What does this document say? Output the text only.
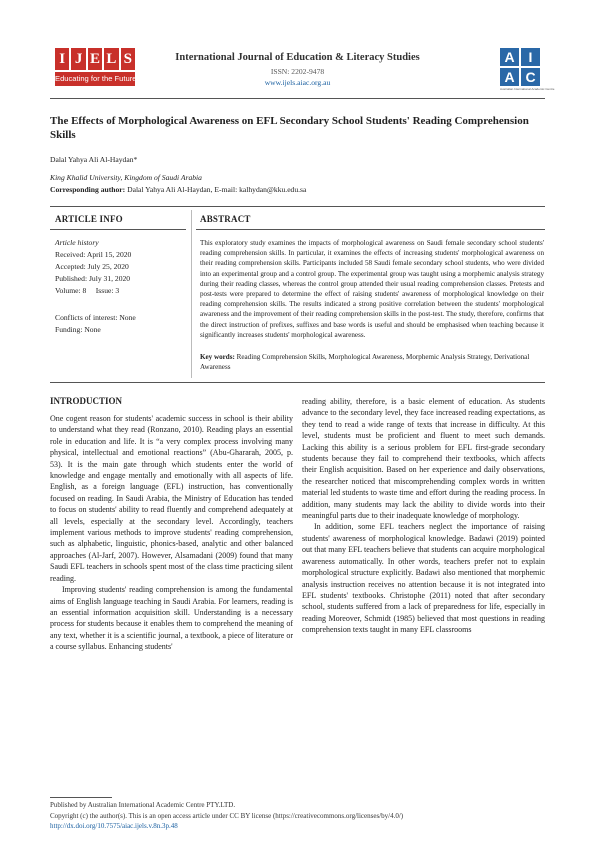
I J E L S
Educating for the Future
International Journal of Education & Literacy Studies
ISSN: 2202-9478
www.ijels.aiac.org.au
A I
A C
Australian International Academic Centre
The Effects of Morphological Awareness on EFL Secondary School Students' Reading Comprehension Skills
Dalal Yahya Ali Al-Haydan*
King Khalid University, Kingdom of Saudi Arabia
Corresponding author: Dalal Yahya Ali Al-Haydan, E-mail: kalhydan@kku.edu.sa
ARTICLE INFO	ABSTRACT
Article history
Received: April 15, 2020
Accepted: July 25, 2020
Published: July 31, 2020
Volume: 8     Issue: 3
Conflicts of interest: None
Funding: None
This exploratory study examines the impacts of morphological awareness on Saudi female secondary school students' reading comprehension skills. In particular, it examines the effects of increasing students' morphological awareness on their reading comprehension skills. Participants included 58 Saudi female secondary school students, who were divided into an experimental group and a control group. The experimental group was taught using a morphemic analysis strategy during their reading classes, whereas the control group attended their usual reading comprehension classes. Pretests and post-tests were prepared to determine the effect of raising students' awareness of morphological knowledge on their reading comprehension skills. The results indicated a strong positive correlation between the students' morphological awareness and the improvement of their reading comprehension skills in the post-test. The study, therefore, confirms that the direct instruction of prefixes, suffixes and base words is useful and should be emphasised when teaching because it significantly increases students' morphological awareness.
Key words: Reading Comprehension Skills, Morphological Awareness, Morphemic Analysis Strategy, Derivational Awareness
INTRODUCTION

One cogent reason for students' academic success in school is their ability to understand what they read (Ronzano, 2010). Reading plays an essential role in education and life. It is “a very complex process involving many physical, intellectual and emotional reactions” (Abu-Ghararah, 2005, p. 53). It is the main gate through which students enter the world of knowledge and engage mentally and emotionally with all aspects of life. English, as a foreign language (EFL) instruction, has conventionally focused on reading. In Saudi Arabia, the Ministry of Education has tended to focus on students' ability to read fluently and comprehend adequately at all levels, especially at the secondary level. Accordingly, teachers implement various methods to improve students' reading comprehension, such as alphabetic, linguistic, phonics-based, analytic and other balanced approaches (Al-Jarf, 2007). However, Alsamadani (2009) found that many Saudi EFL teachers in schools spent most of the class time practicing silent reading.

Improving students' reading comprehension is among the fundamental aims of English language teaching in Saudi Arabia. For learners, reading is an essential information acquisition skill. Understanding is a necessary process for students because it enables them to comprehend the meaning of any text, whether it is a scientific journal, a textbook, a piece of literature or a course syllabus. Enhancing students'

reading ability, therefore, is a basic element of education. As students advance to the secondary level, they face increased reading expectations, as they tend to read a wide range of texts that increase in difficulty. At this level, students must be proficient and fluent to meet such demands. Lacking this ability is a serious problem for EFL first-grade secondary students because they fail to comprehend their textbooks, which affects their English acquisition. Based on her experience and daily observations, the researcher noticed that miscomprehending complex words in written material led students to waste time and effort during the reading process. In addition, many students may lack the ability to divide words into their meaningful parts due to their inadequate knowledge of morphology.

In addition, some EFL teachers neglect the importance of raising students' awareness of morphological knowledge. Badawi (2019) pointed out that many EFL teachers believe that students can acquire morphological awareness automatically. In other words, teachers prefer not to explain morphological structure explicitly. Badawi also mentioned that morphemic analysis instruction receives no attention because it is not integrated into EFL students' textbooks. Christophe (2011) noted that after secondary school, students suffered from a lack of preparedness for life, especially in reading Moreover, Schmidt (1985) believed that most questions in reading comprehension texts taught in many EFL classrooms

Published by Australian International Academic Centre PTY.LTD.
Copyright (c) the author(s). This is an open access article under CC BY license (https://creativecommons.org/licenses/by/4.0/)
http://dx.doi.org/10.7575/aiac.ijels.v.8n.3p.48
